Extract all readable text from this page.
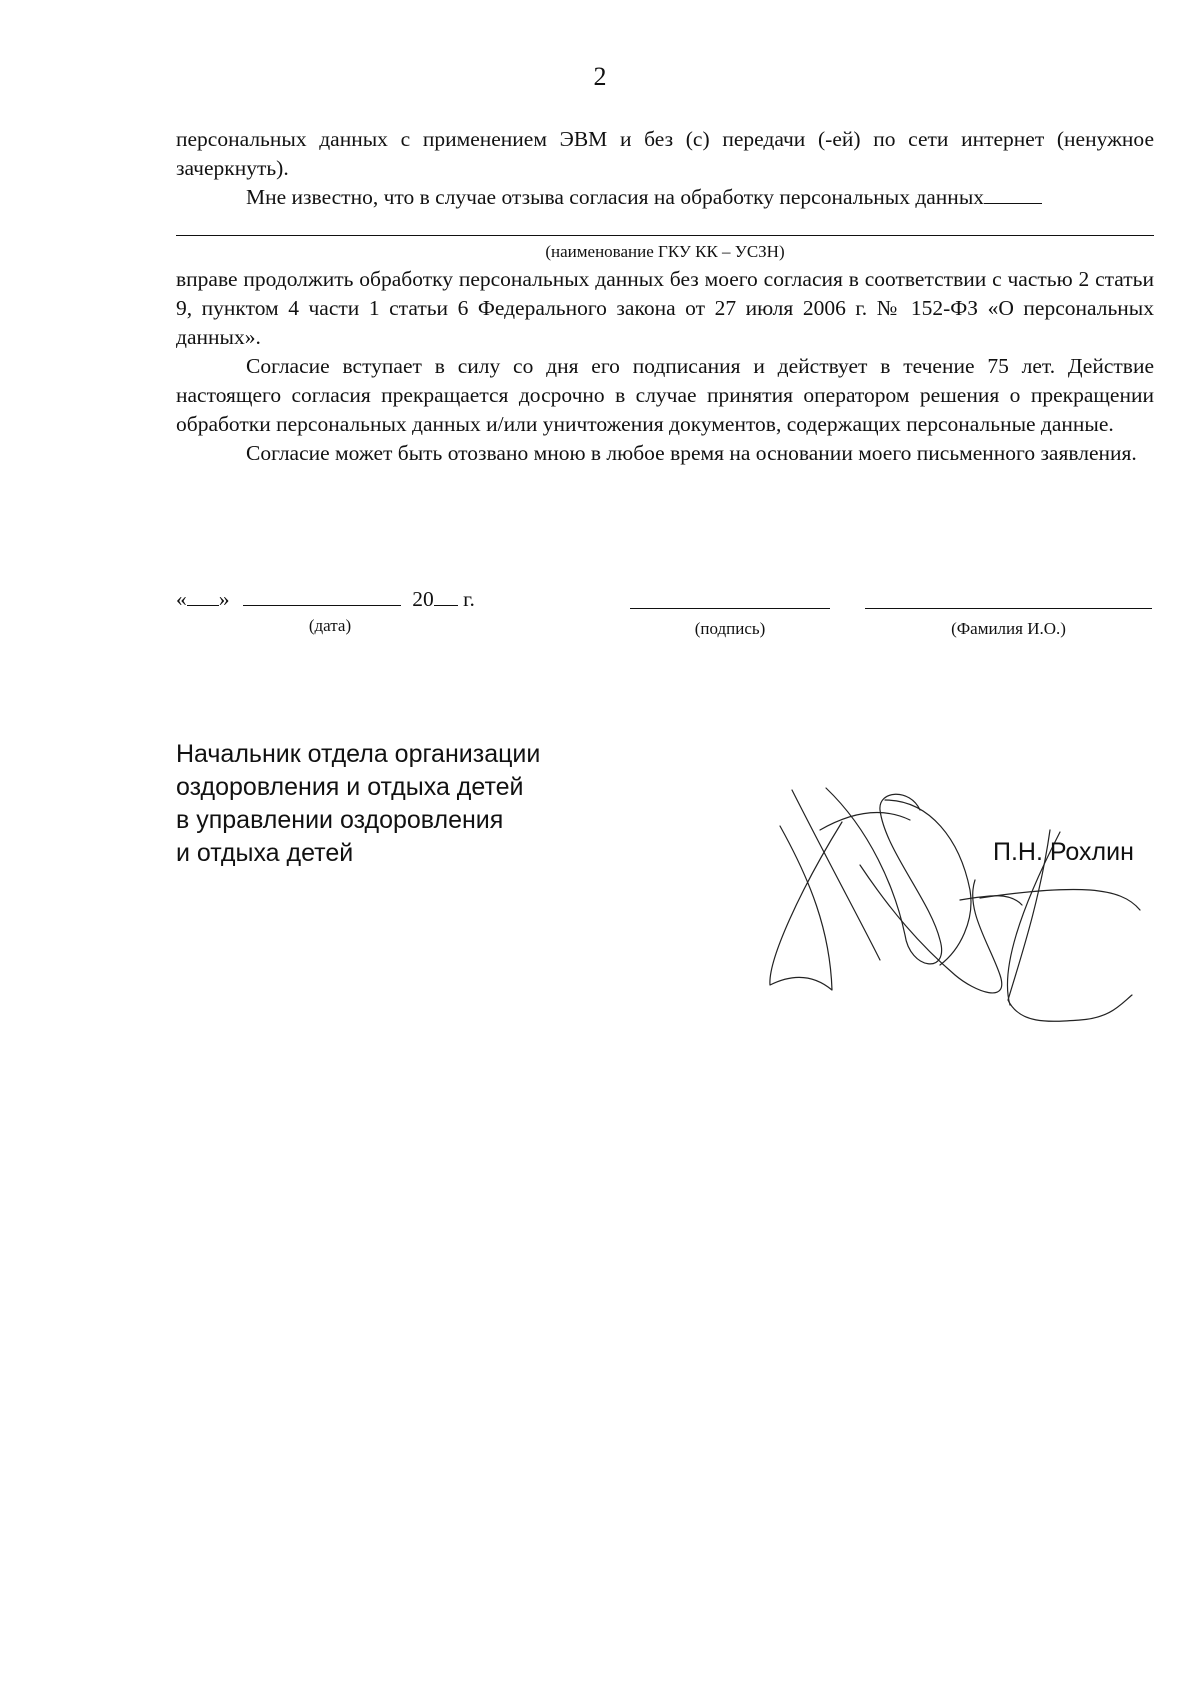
2

персональных данных с применением ЭВМ и без (с) передачи (-ей) по сети интернет (ненужное зачеркнуть).

Мне известно, что в случае отзыва согласия на обработку персональных данных

(наименование ГКУ КК – УСЗН)

вправе продолжить обработку персональных данных без моего согласия в соответствии с частью 2 статьи 9, пунктом 4 части 1 статьи 6 Федерального закона от 27 июля 2006 г. № 152-ФЗ «О персональных данных».

Согласие вступает в силу со дня его подписания и действует в течение 75 лет. Действие настоящего согласия прекращается досрочно в случае принятия оператором решения о прекращении обработки персональных данных и/или уничтожения документов, содержащих персональные данные.

Согласие может быть отозвано мною в любое время на основании моего письменного заявления.

« »	20 г.
(дата)	(подпись)	(Фамилия И.О.)
Начальник отдела организации
оздоровления и отдыха детей
в управлении оздоровления
и отдыха детей	П.Н. Рохлин
